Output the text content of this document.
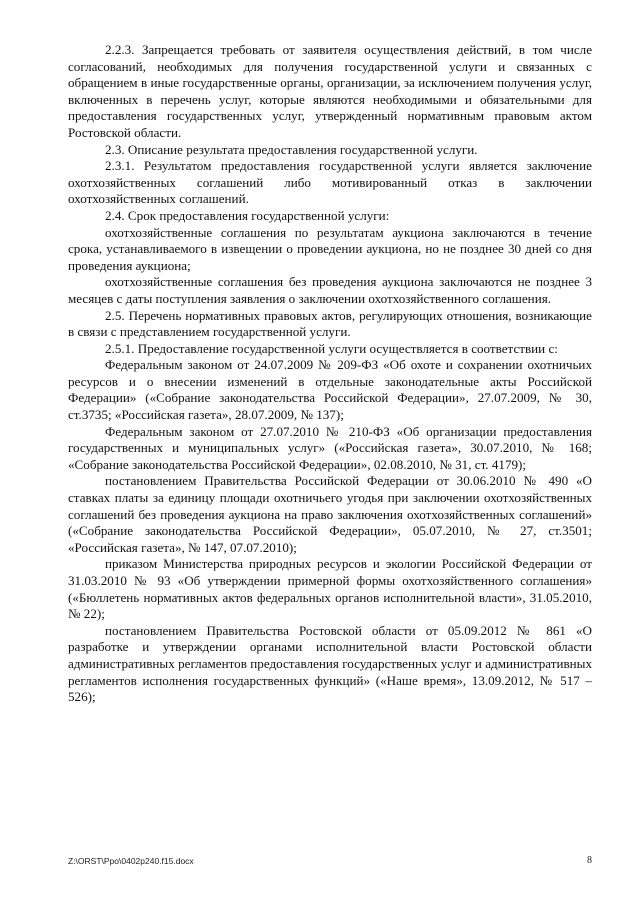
2.2.3. Запрещается требовать от заявителя осуществления действий, в том числе согласований, необходимых для получения государственной услуги и связанных с обращением в иные государственные органы, организации, за исключением получения услуг, включенных в перечень услуг, которые являются необходимыми и обязательными для предоставления государственных услуг, утвержденный нормативным правовым актом Ростовской области.

2.3. Описание результата предоставления государственной услуги.

2.3.1. Результатом предоставления государственной услуги является заключение охотхозяйственных соглашений либо мотивированный отказ в заключении охотхозяйственных соглашений.

2.4. Срок предоставления государственной услуги:

охотхозяйственные соглашения по результатам аукциона заключаются в течение срока, устанавливаемого в извещении о проведении аукциона, но не позднее 30 дней со дня проведения аукциона;

охотхозяйственные соглашения без проведения аукциона заключаются не позднее 3 месяцев с даты поступления заявления о заключении охотхозяйственного соглашения.

2.5. Перечень нормативных правовых актов, регулирующих отношения, возникающие в связи с представлением государственной услуги.

2.5.1. Предоставление государственной услуги осуществляется в соответствии с:

Федеральным законом от 24.07.2009 № 209-ФЗ «Об охоте и сохранении охотничьих ресурсов и о внесении изменений в отдельные законодательные акты Российской Федерации» («Собрание законодательства Российской Федерации», 27.07.2009, № 30, ст.3735; «Российская газета», 28.07.2009, № 137);

Федеральным законом от 27.07.2010 № 210-ФЗ «Об организации предоставления государственных и муниципальных услуг» («Российская газета», 30.07.2010, № 168; «Собрание законодательства Российской Федерации», 02.08.2010, № 31, ст. 4179);

постановлением Правительства Российской Федерации от 30.06.2010 № 490 «О ставках платы за единицу площади охотничьего угодья при заключении охотхозяйственных соглашений без проведения аукциона на право заключения охотхозяйственных соглашений» («Собрание законодательства Российской Федерации», 05.07.2010, № 27, ст.3501; «Российская газета», № 147, 07.07.2010);

приказом Министерства природных ресурсов и экологии Российской Федерации от 31.03.2010 № 93 «Об утверждении примерной формы охотхозяйственного соглашения» («Бюллетень нормативных актов федеральных органов исполнительной власти», 31.05.2010, № 22);

постановлением Правительства Ростовской области от 05.09.2012 № 861 «О разработке и утверждении органами исполнительной власти Ростовской области административных регламентов предоставления государственных услуг и административных регламентов исполнения государственных функций» («Наше время», 13.09.2012, № 517 – 526);

Z:\ORST\Ppo\0402p240.f15.docx	8
